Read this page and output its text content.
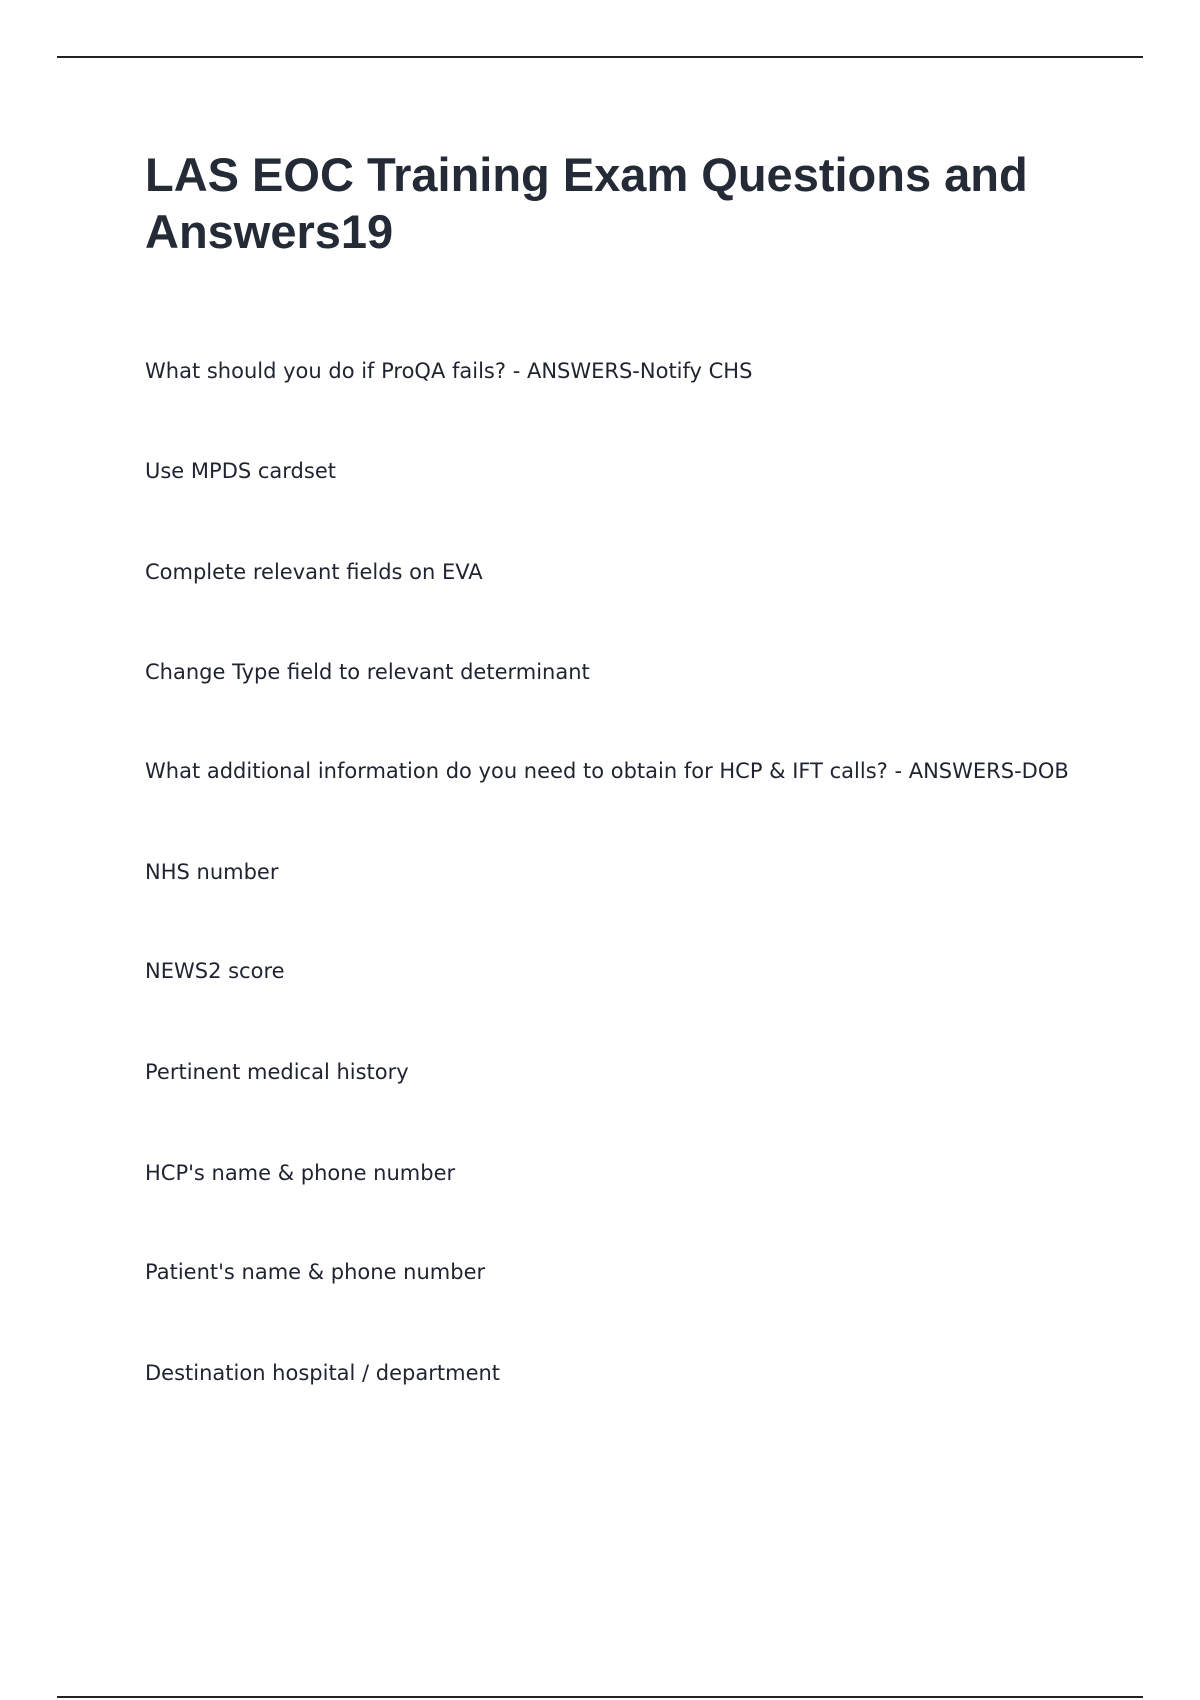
LAS EOC Training Exam Questions and Answers19
What should you do if ProQA fails? - ANSWERS-Notify CHS
Use MPDS cardset
Complete relevant fields on EVA
Change Type field to relevant determinant
What additional information do you need to obtain for HCP & IFT calls? - ANSWERS-DOB
NHS number
NEWS2 score
Pertinent medical history
HCP's name & phone number
Patient's name & phone number
Destination hospital / department
